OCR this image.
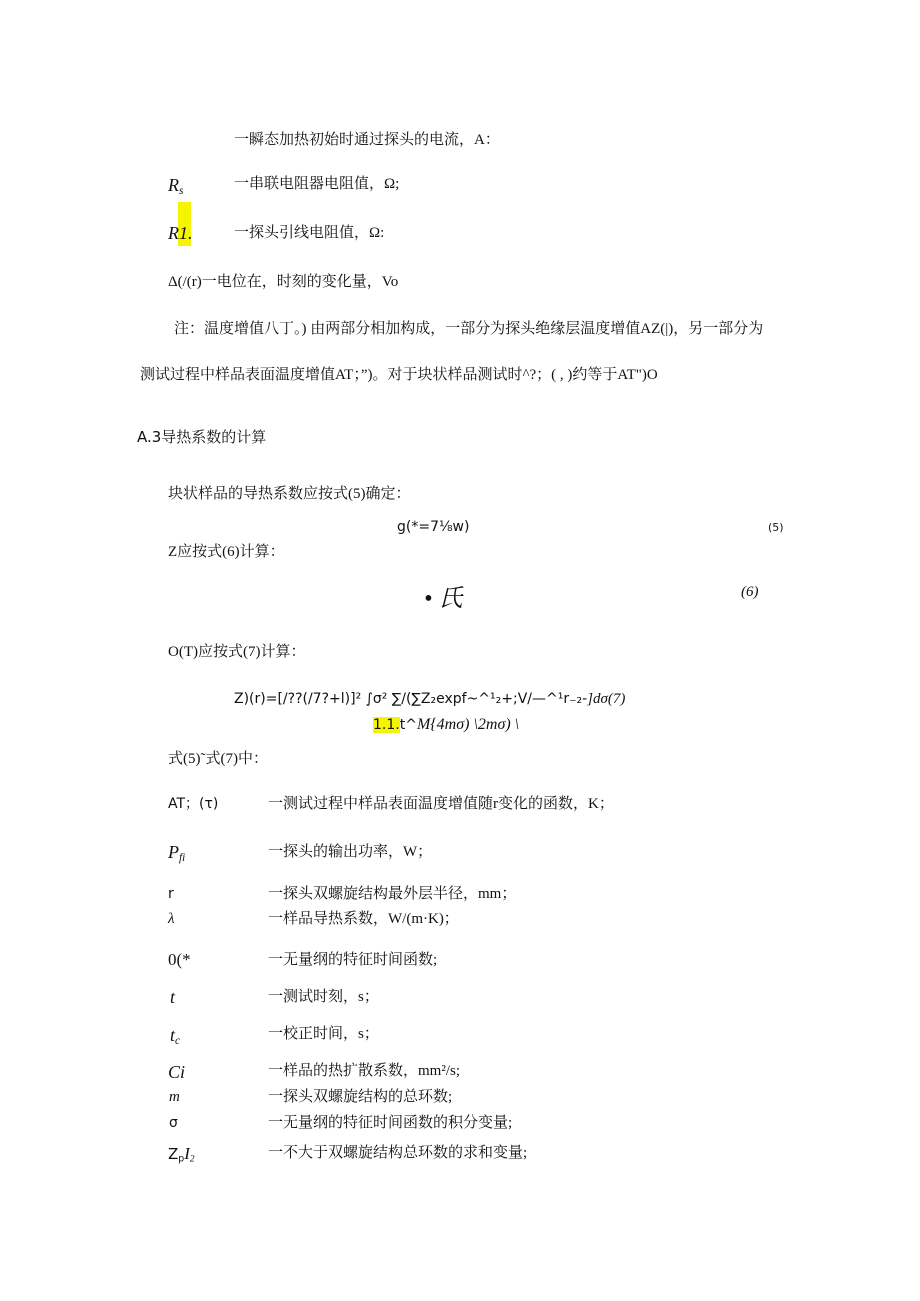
一瞬态加热初始时通过探头的电流，A：
$R_s$	一串联电阻器电阻值，Ω;
R1.	一探头引线电阻值，Ω:
Δ(/(r)一电位在，时刻的变化量，Vo
注：温度增值八丁。) 由两部分相加构成，一部分为探头绝缘层温度增值AZ(|)，另一部分为
测试过程中样品表面温度增值AT；”)。对于块状样品测试时^?；( , )约等于AT")O
A.3导热系数的计算
块状样品的导热系数应按式(5)确定：
g(*=7⅛w)	(5)
Z应按式(6)计算：
• 氏	(6)
O(T)应按式(7)计算：
Z)(r)=[/??(/7?+l)]² ∫σ² ∑/(∑Z₂expf~^¹₂+;V/—^¹r₋₂-]dσ(7)
1.1.t^M{4mσ) \2mσ) \
式(5)˜式(7)中：
AT；(τ)	一测试过程中样品表面温度增值随r变化的函数，K；
$P_{fi}$	一探头的输出功率，W；
r	一探头双螺旋结构最外层半径，mm；
λ	一样品导热系数，W/(m·K)；
0(*	一无量纲的特征时间函数;
t	一测试时刻，s；
$t_c$	一校正时间，s；
Ci	一样品的热扩散系数，mm²/s;
m	一探头双螺旋结构的总环数;
σ	一无量纲的特征时间函数的积分变量;
$Z_pI_2$	一不大于双螺旋结构总环数的求和变量;
